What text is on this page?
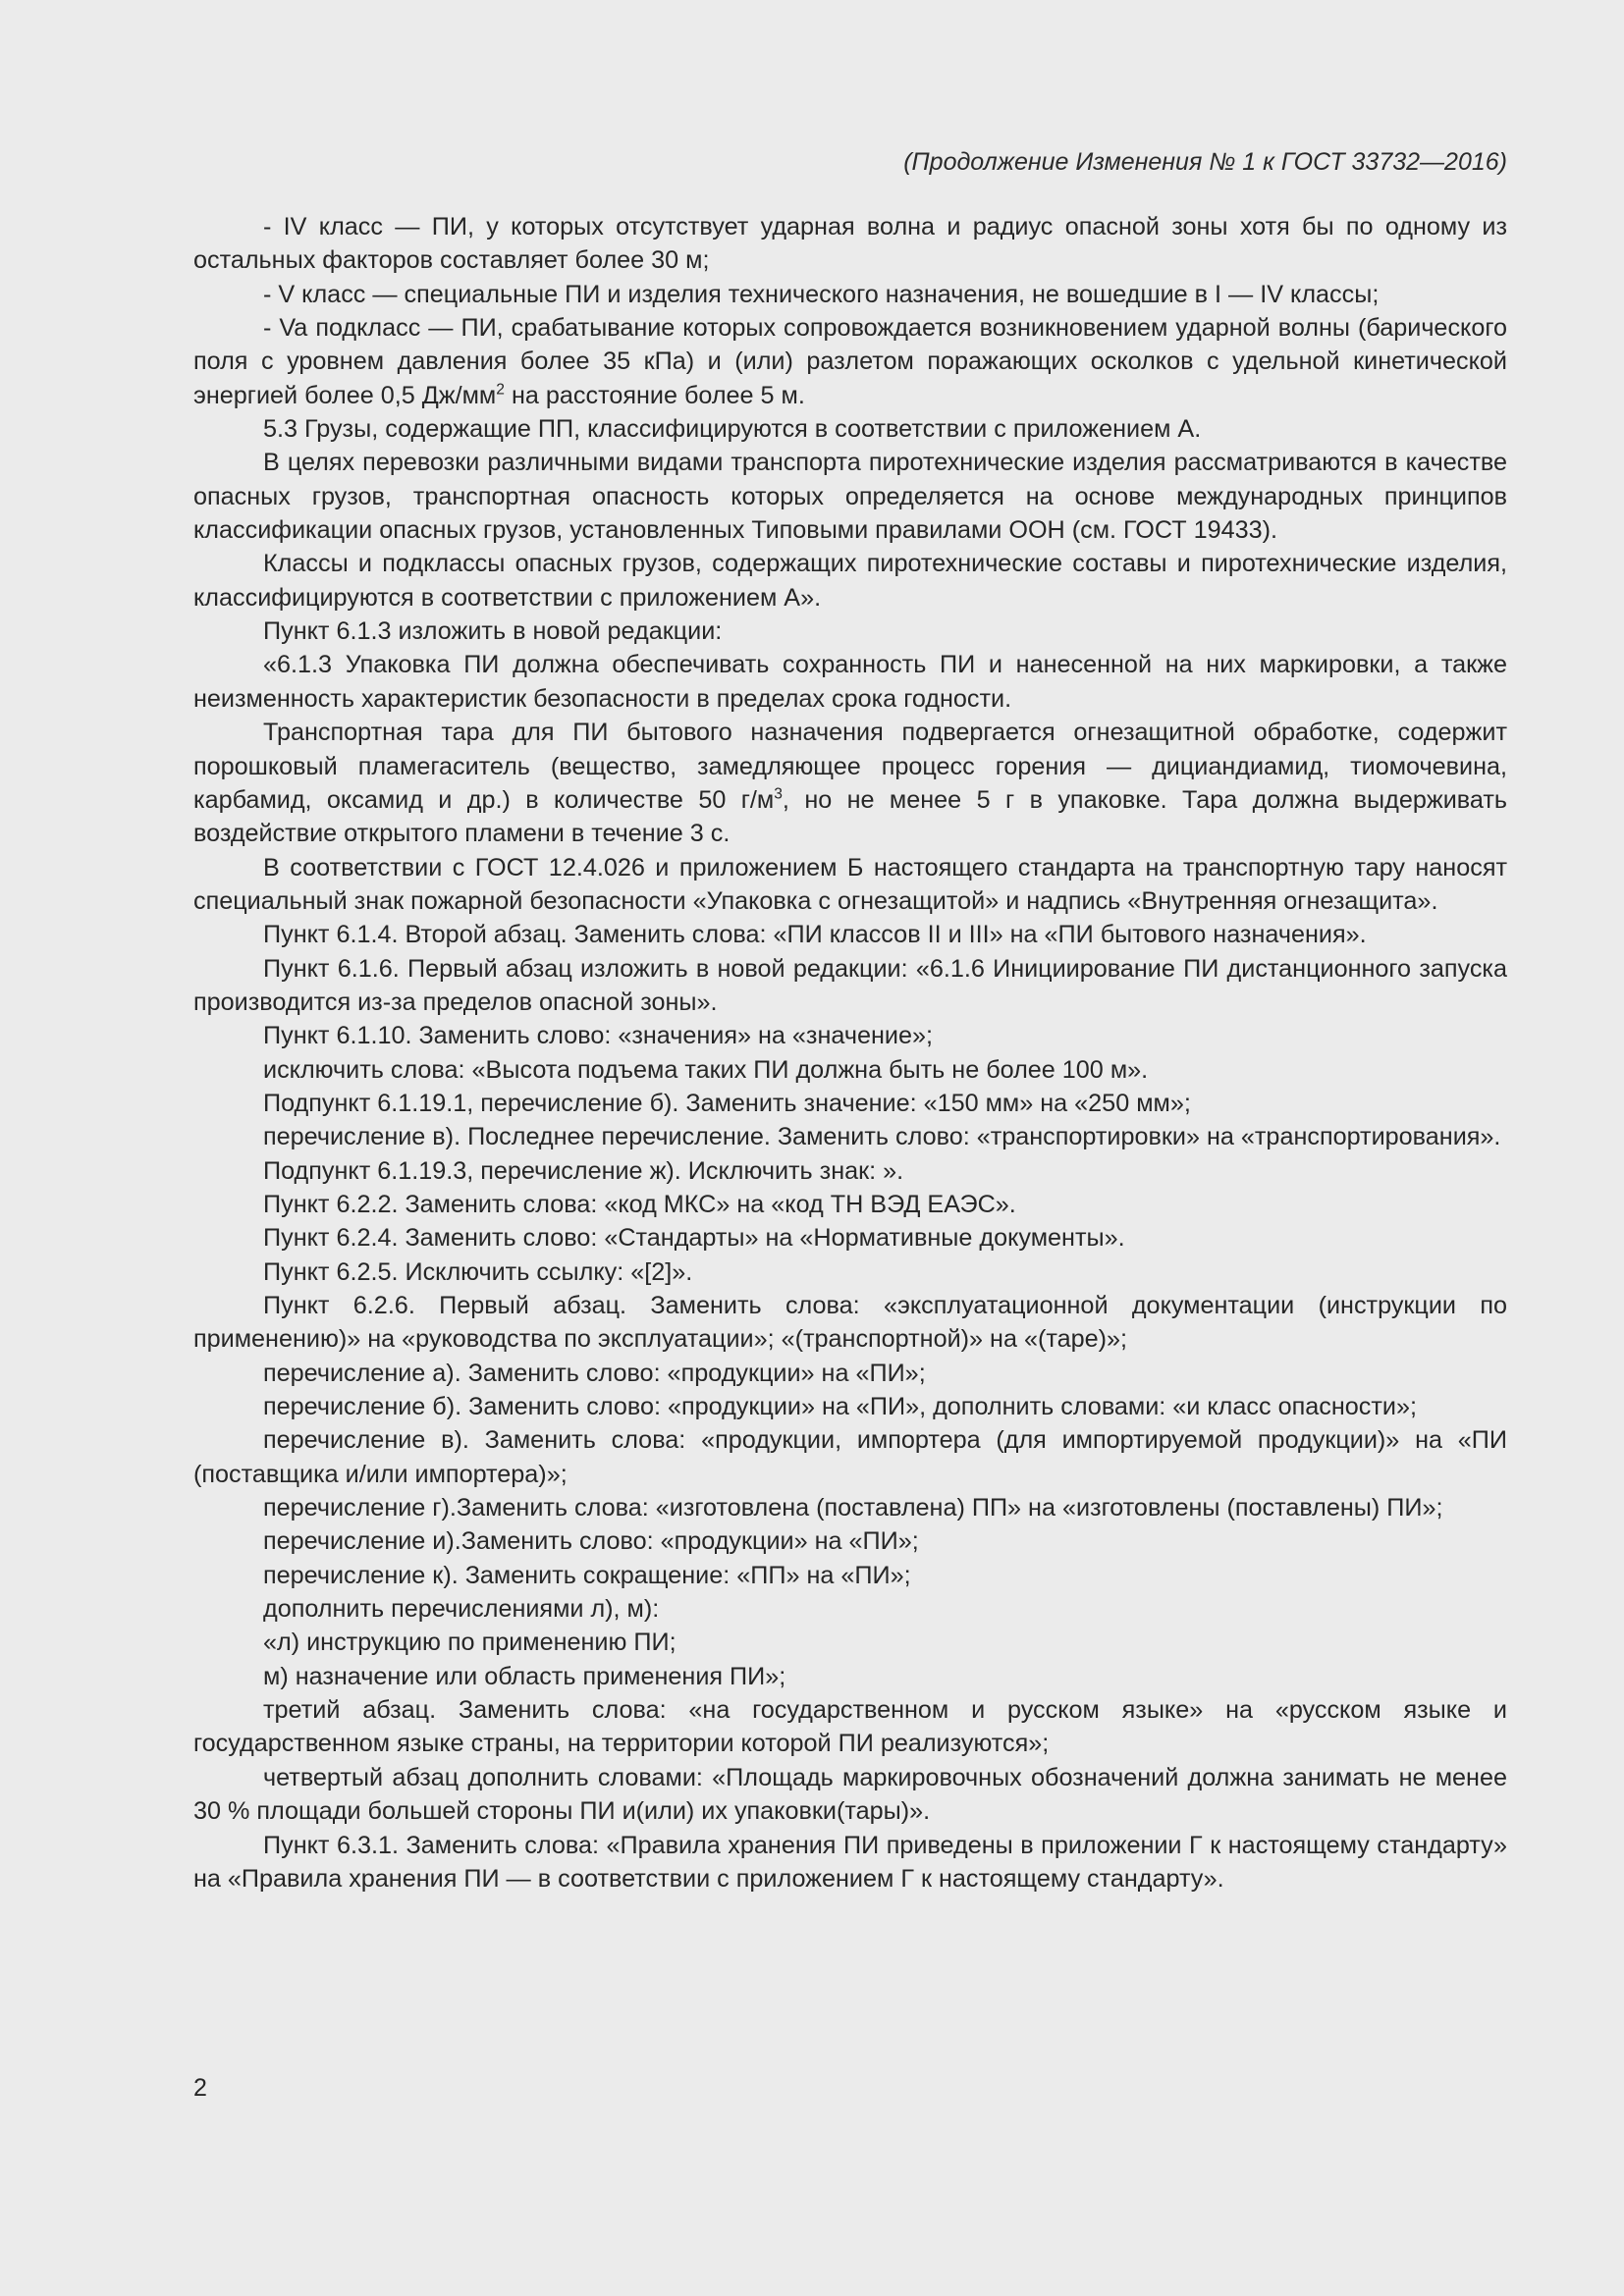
(Продолжение Изменения № 1 к ГОСТ 33732—2016)

- IV класс — ПИ, у которых отсутствует ударная волна и радиус опасной зоны хотя бы по одному из остальных факторов составляет более 30 м;

- V класс — специальные ПИ и изделия технического назначения, не вошедшие в I — IV классы;

- Va подкласс — ПИ, срабатывание которых сопровождается возникновением ударной волны (барического поля с уровнем давления более 35 кПа) и (или) разлетом поражающих осколков с удельной кинетической энергией более 0,5 $Дж/мм^2$ на расстояние более 5 м.

5.3 Грузы, содержащие ПП, классифицируются в соответствии с приложением А.

В целях перевозки различными видами транспорта пиротехнические изделия рассматриваются в качестве опасных грузов, транспортная опасность которых определяется на основе международных принципов классификации опасных грузов, установленных Типовыми правилами ООН (см. ГОСТ 19433).

Классы и подклассы опасных грузов, содержащих пиротехнические составы и пиротехнические изделия, классифицируются в соответствии с приложением А».

Пункт 6.1.3 изложить в новой редакции:

«6.1.3 Упаковка ПИ должна обеспечивать сохранность ПИ и нанесенной на них маркировки, а также неизменность характеристик безопасности в пределах срока годности.

Транспортная тара для ПИ бытового назначения подвергается огнезащитной обработке, содержит порошковый пламегаситель (вещество, замедляющее процесс горения — дициандиамид, тиомочевина, карбамид, оксамид и др.) в количестве 50 $г/м^3$, но не менее 5 г в упаковке. Тара должна выдерживать воздействие открытого пламени в течение 3 с.

В соответствии с ГОСТ 12.4.026 и приложением Б настоящего стандарта на транспортную тару наносят специальный знак пожарной безопасности «Упаковка с огнезащитой» и надпись «Внутренняя огнезащита».

Пункт 6.1.4. Второй абзац. Заменить слова: «ПИ классов II и III» на «ПИ бытового назначения».

Пункт 6.1.6. Первый абзац изложить в новой редакции: «6.1.6 Инициирование ПИ дистанционного запуска производится из-за пределов опасной зоны».

Пункт 6.1.10. Заменить слово: «значения» на «значение»;

исключить слова: «Высота подъема таких ПИ должна быть не более 100 м».

Подпункт 6.1.19.1, перечисление б). Заменить значение: «150 мм» на «250 мм»;

перечисление в). Последнее перечисление. Заменить слово: «транспортировки» на «транспортирования».

Подпункт 6.1.19.3, перечисление ж). Исключить знак: ».

Пункт 6.2.2. Заменить слова: «код МКС» на «код ТН ВЭД ЕАЭС».

Пункт 6.2.4. Заменить слово: «Стандарты» на «Нормативные документы».

Пункт 6.2.5. Исключить ссылку: «[2]».

Пункт 6.2.6. Первый абзац. Заменить слова: «эксплуатационной документации (инструкции по применению)» на «руководства по эксплуатации»; «(транспортной)» на «(таре)»;

перечисление а). Заменить слово: «продукции» на «ПИ»;

перечисление б). Заменить слово: «продукции» на «ПИ», дополнить словами: «и класс опасности»;

перечисление в). Заменить слова: «продукции, импортера (для импортируемой продукции)» на «ПИ (поставщика и/или импортера)»;

перечисление г).Заменить слова: «изготовлена (поставлена) ПП» на «изготовлены (поставлены) ПИ»;

перечисление и).Заменить слово: «продукции» на «ПИ»;

перечисление к). Заменить сокращение: «ПП» на «ПИ»;

дополнить перечислениями л), м):

«л) инструкцию по применению ПИ;

м) назначение или область применения ПИ»;

третий абзац. Заменить слова: «на государственном и русском языке» на «русском языке и государственном языке страны, на территории которой ПИ реализуются»;

четвертый абзац дополнить словами: «Площадь маркировочных обозначений должна занимать не менее 30 % площади большей стороны ПИ и(или) их упаковки(тары)».

Пункт 6.3.1. Заменить слова: «Правила хранения ПИ приведены в приложении Г к настоящему стандарту» на «Правила хранения ПИ — в соответствии с приложением Г к настоящему стандарту».

2
